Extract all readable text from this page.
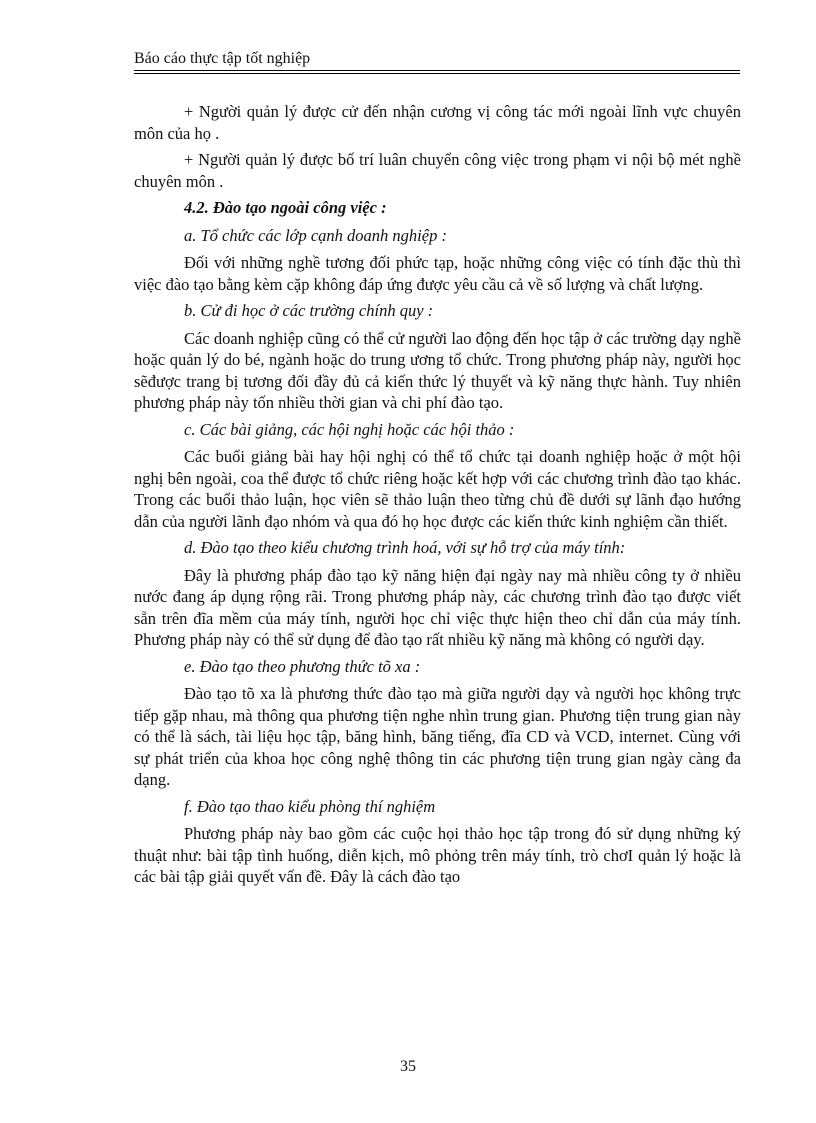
Báo cáo thực tập tốt nghiệp

+ Người quản lý được cử đến nhận cương vị công tác mới ngoài lĩnh vực chuyên môn của họ .

+ Người quản lý được bố trí luân chuyển công việc trong phạm vi nội bộ mét nghề chuyên môn .

4.2. Đào tạo ngoài công việc :

a. Tổ chức các lớp cạnh doanh nghiệp :

Đối với những nghề tương đối phức tạp, hoặc những công việc có tính đặc thù thì việc đào tạo bằng kèm cặp không đáp ứng được yêu cầu cả về số lượng và chất lượng.

b. Cử đi học ở các trường chính quy :

Các doanh nghiệp cũng có thể cử người lao động đến học tập ở các trường dạy nghề hoặc quản lý do bé, ngành hoặc do trung ương tổ chức. Trong phương pháp này, người học sẽđược trang bị tương đối đầy đủ cả kiến thức lý thuyết và kỹ năng thực hành. Tuy nhiên phương pháp này tốn nhiều thời gian và chi phí đào tạo.

c. Các bài giảng, các hội nghị hoặc các hội thảo :

Các buổi giảng bài hay hội nghị có thể tổ chức tại doanh nghiệp hoặc ở một hội nghị bên ngoài, coa thể được tổ chức riêng hoặc kết hợp với các chương trình đào tạo khác. Trong các buổi thảo luận, học viên sẽ thảo luận theo từng chủ đề dưới sự lãnh đạo hướng dẫn của người lãnh đạo nhóm và qua đó họ học được các kiến thức kinh nghiệm cần thiết.

d. Đào tạo theo kiểu chương trình hoá, với sự hỗ trợ của máy tính:

Đây là phương pháp đào tạo kỹ năng hiện đại ngày nay mà nhiều công ty ở nhiều nước đang áp dụng rộng rãi. Trong phương pháp này, các chương trình đào tạo được viết sẵn trên đĩa mềm của máy tính, người học chỉ việc thực hiện theo chỉ dẫn của máy tính. Phương pháp này có thể sử dụng để đào tạo rất nhiều kỹ năng mà không có người dạy.

e. Đào tạo theo phương thức tõ xa :

Đào tạo tõ xa là phương thức đào tạo mà giữa người dạy và người học không trực tiếp gặp nhau, mà thông qua phương tiện nghe nhìn trung gian. Phương tiện trung gian này có thể là sách, tài liệu học tập, băng hình, băng tiếng, đĩa CD và VCD, internet. Cùng với sự phát triển của khoa học công nghệ thông tin các phương tiện trung gian ngày càng đa dạng.

f. Đào tạo thao kiểu phòng thí nghiệm

Phương pháp này bao gồm các cuộc họi thảo học tập trong đó sử dụng những ký thuật như: bài tập tình huống, diễn kịch, mô phỏng trên máy tính, trò chơI quản lý hoặc là các bài tập giải quyết vấn đề. Đây là cách đào tạo

35
